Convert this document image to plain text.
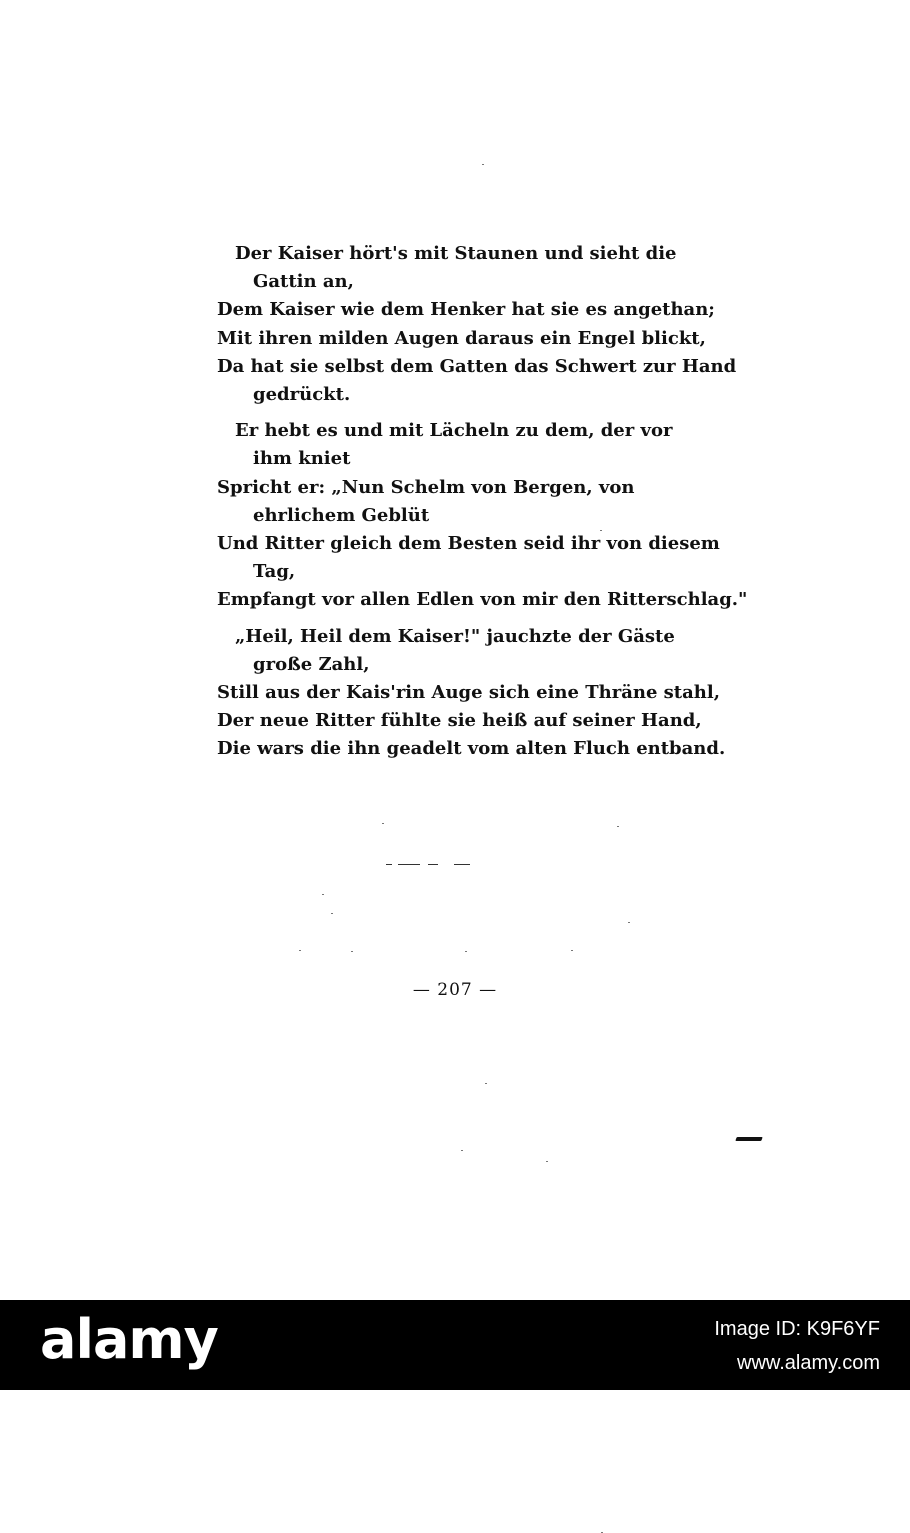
Der Kaiser hört's mit Staunen und sieht die
Gattin an,
Dem Kaiser wie dem Henker hat sie es angethan;
Mit ihren milden Augen daraus ein Engel blickt,
Da hat sie selbst dem Gatten das Schwert zur Hand
gedrückt.
Er hebt es und mit Lächeln zu dem, der vor
ihm kniet
Spricht er: „Nun Schelm von Bergen, von
ehrlichem Geblüt
Und Ritter gleich dem Besten seid ihr von diesem
Tag,
Empfangt vor allen Edlen von mir den Ritterschlag."
„Heil, Heil dem Kaiser!" jauchzte der Gäste
große Zahl,
Still aus der Kais'rin Auge sich eine Thräne stahl,
Der neue Ritter fühlte sie heiß auf seiner Hand,
Die wars die ihn geadelt vom alten Fluch entband.
— 207 —
alamy	Image ID: K9F6YF
www.alamy.com
